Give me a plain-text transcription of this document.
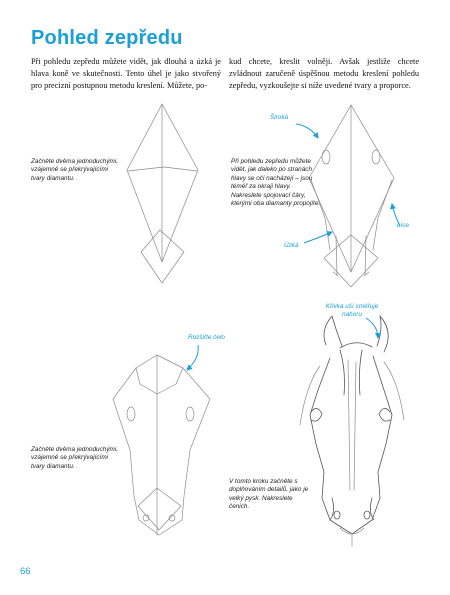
Pohled zepředu

Při pohledu zepředu můžete vidět, jak dlouhá a úzká je hlava koně ve skutečnosti. Tento úhel je jako stvořený pro precizní postupnou metodu kreslení. Můžete, po-

kud chcete, kreslit volněji. Avšak jestliže chcete zvládnout zaručeně úspěšnou metodu kreslení pohledu zepředu, vyzkoušejte si níže uvedené tvary a proporce.

Začněte dvěma jednoduchými, vzájemně se překrývajícími tvary diamantu.
Široká
Při pohledu zepředu můžete vidět, jak daleko po stranách hlavy se oči nacházejí – jsou téměř za okraji hlavy. Nakreslete spojovací čáry, kterými oba diamanty propojíte.
Líce
Úzká
Rozšiřte čelo
Začněte dvěma jednoduchými, vzájemně se překrývajícími tvary diamantu.
Křivka uší směřuje nahoru
V tomto kroku začněte s doplňováním detailů, jako je velký pysk. Nakreslete čenich.
66
